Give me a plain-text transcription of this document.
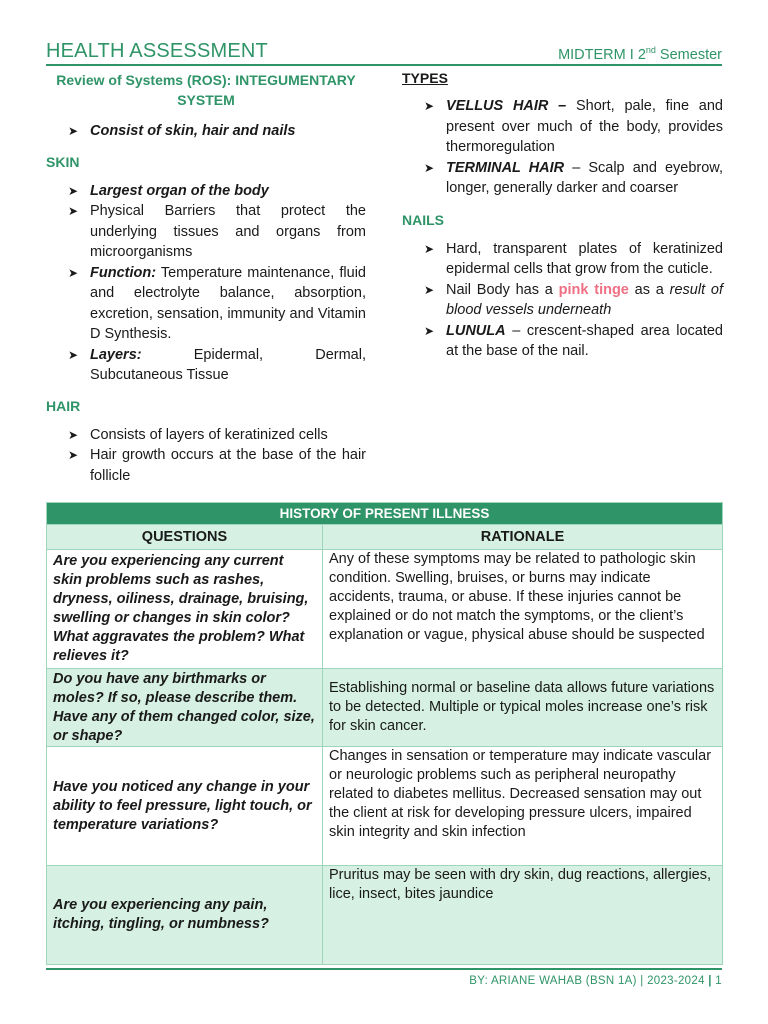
HEALTH ASSESSMENT	MIDTERM I 2nd Semester
Review of Systems (ROS): INTEGUMENTARY SYSTEM
➤ Consist of skin, hair and nails
SKIN
➤ Largest organ of the body
➤ Physical Barriers that protect the underlying tissues and organs from microorganisms
➤ Function: Temperature maintenance, fluid and electrolyte balance, absorption, excretion, sensation, immunity and Vitamin D Synthesis.
➤ Layers: Epidermal, Dermal, Subcutaneous Tissue
HAIR
➤ Consists of layers of keratinized cells
➤ Hair growth occurs at the base of the hair follicle
TYPES
➤ VELLUS HAIR – Short, pale, fine and present over much of the body, provides thermoregulation
➤ TERMINAL HAIR – Scalp and eyebrow, longer, generally darker and coarser
NAILS
➤ Hard, transparent plates of keratinized epidermal cells that grow from the cuticle.
➤ Nail Body has a pink tinge as a result of blood vessels underneath
➤ LUNULA – crescent-shaped area located at the base of the nail.
HISTORY OF PRESENT ILLNESS	
QUESTIONS	RATIONALE
Are you experiencing any current skin problems such as rashes, dryness, oiliness, drainage, bruising, swelling or changes in skin color? What aggravates the problem? What relieves it?	Any of these symptoms may be related to pathologic skin condition. Swelling, bruises, or burns may indicate accidents, trauma, or abuse. If these injuries cannot be explained or do not match the symptoms, or the client’s explanation or vague, physical abuse should be suspected
Do you have any birthmarks or moles? If so, please describe them. Have any of them changed color, size, or shape?	Establishing normal or baseline data allows future variations to be detected. Multiple or typical moles increase one’s risk for skin cancer.
Have you noticed any change in your ability to feel pressure, light touch, or temperature variations?	Changes in sensation or temperature may indicate vascular or neurologic problems such as peripheral neuropathy related to diabetes mellitus. Decreased sensation may out the client at risk for developing pressure ulcers, impaired skin integrity and skin infection
Are you experiencing any pain, itching, tingling, or numbness?	Pruritus may be seen with dry skin, dug reactions, allergies, lice, insect, bites jaundice
BY: ARIANE WAHAB (BSN 1A) | 2023-2024 | 1
